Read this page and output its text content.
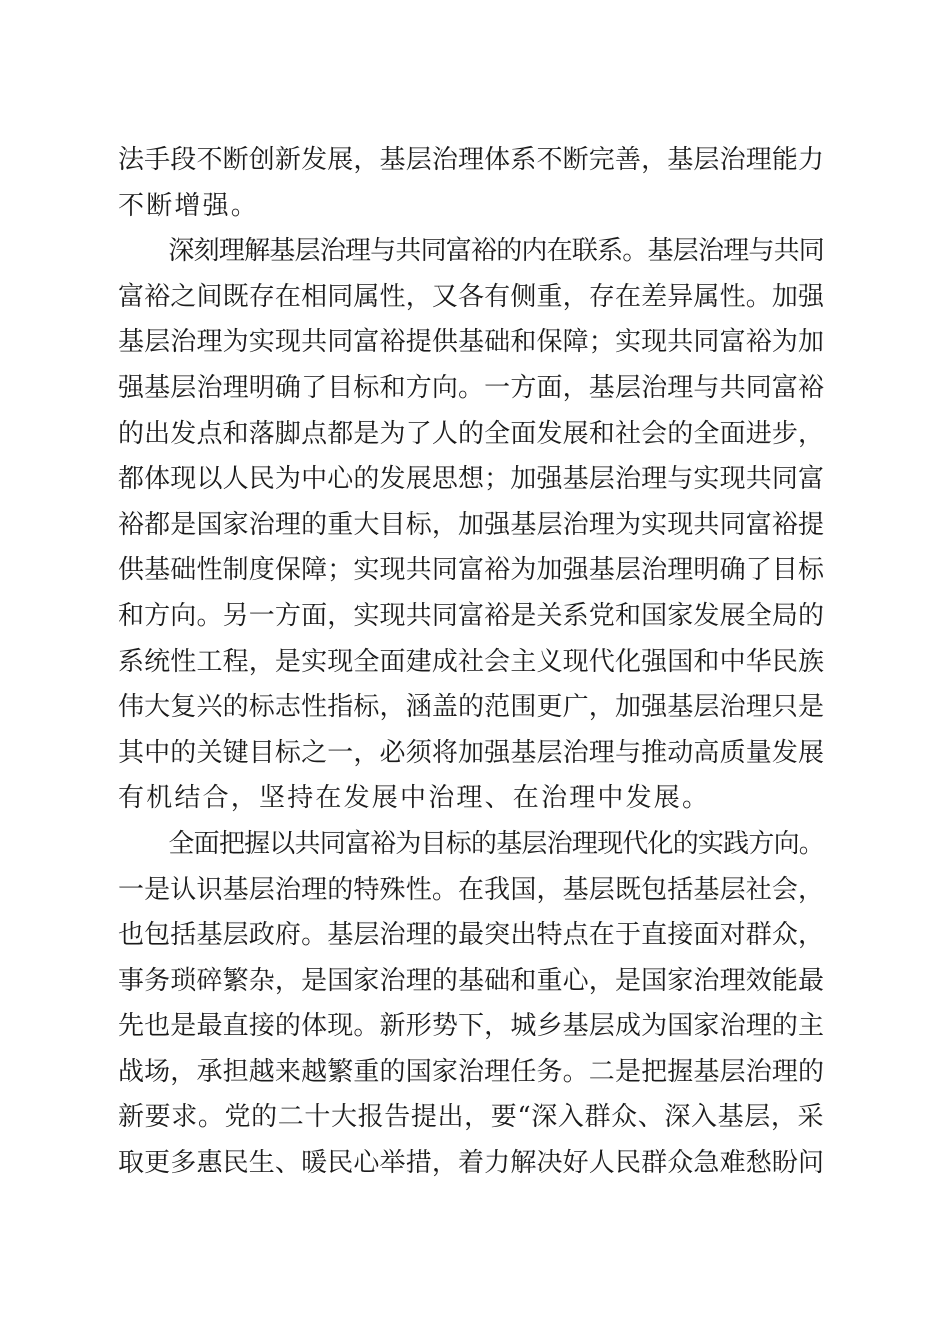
法手段不断创新发展，基层治理体系不断完善，基层治理能力
不断增强。
　　深刻理解基层治理与共同富裕的内在联系。基层治理与共同
富裕之间既存在相同属性，又各有侧重，存在差异属性。加强
基层治理为实现共同富裕提供基础和保障；实现共同富裕为加
强基层治理明确了目标和方向。一方面，基层治理与共同富裕
的出发点和落脚点都是为了人的全面发展和社会的全面进步，
都体现以人民为中心的发展思想；加强基层治理与实现共同富
裕都是国家治理的重大目标，加强基层治理为实现共同富裕提
供基础性制度保障；实现共同富裕为加强基层治理明确了目标
和方向。另一方面，实现共同富裕是关系党和国家发展全局的
系统性工程，是实现全面建成社会主义现代化强国和中华民族
伟大复兴的标志性指标，涵盖的范围更广，加强基层治理只是
其中的关键目标之一，必须将加强基层治理与推动高质量发展
有机结合，坚持在发展中治理、在治理中发展。
　　全面把握以共同富裕为目标的基层治理现代化的实践方向。
一是认识基层治理的特殊性。在我国，基层既包括基层社会，
也包括基层政府。基层治理的最突出特点在于直接面对群众，
事务琐碎繁杂，是国家治理的基础和重心，是国家治理效能最
先也是最直接的体现。新形势下，城乡基层成为国家治理的主
战场，承担越来越繁重的国家治理任务。二是把握基层治理的
新要求。党的二十大报告提出，要“深入群众、深入基层，采
取更多惠民生、暖民心举措，着力解决好人民群众急难愁盼问
